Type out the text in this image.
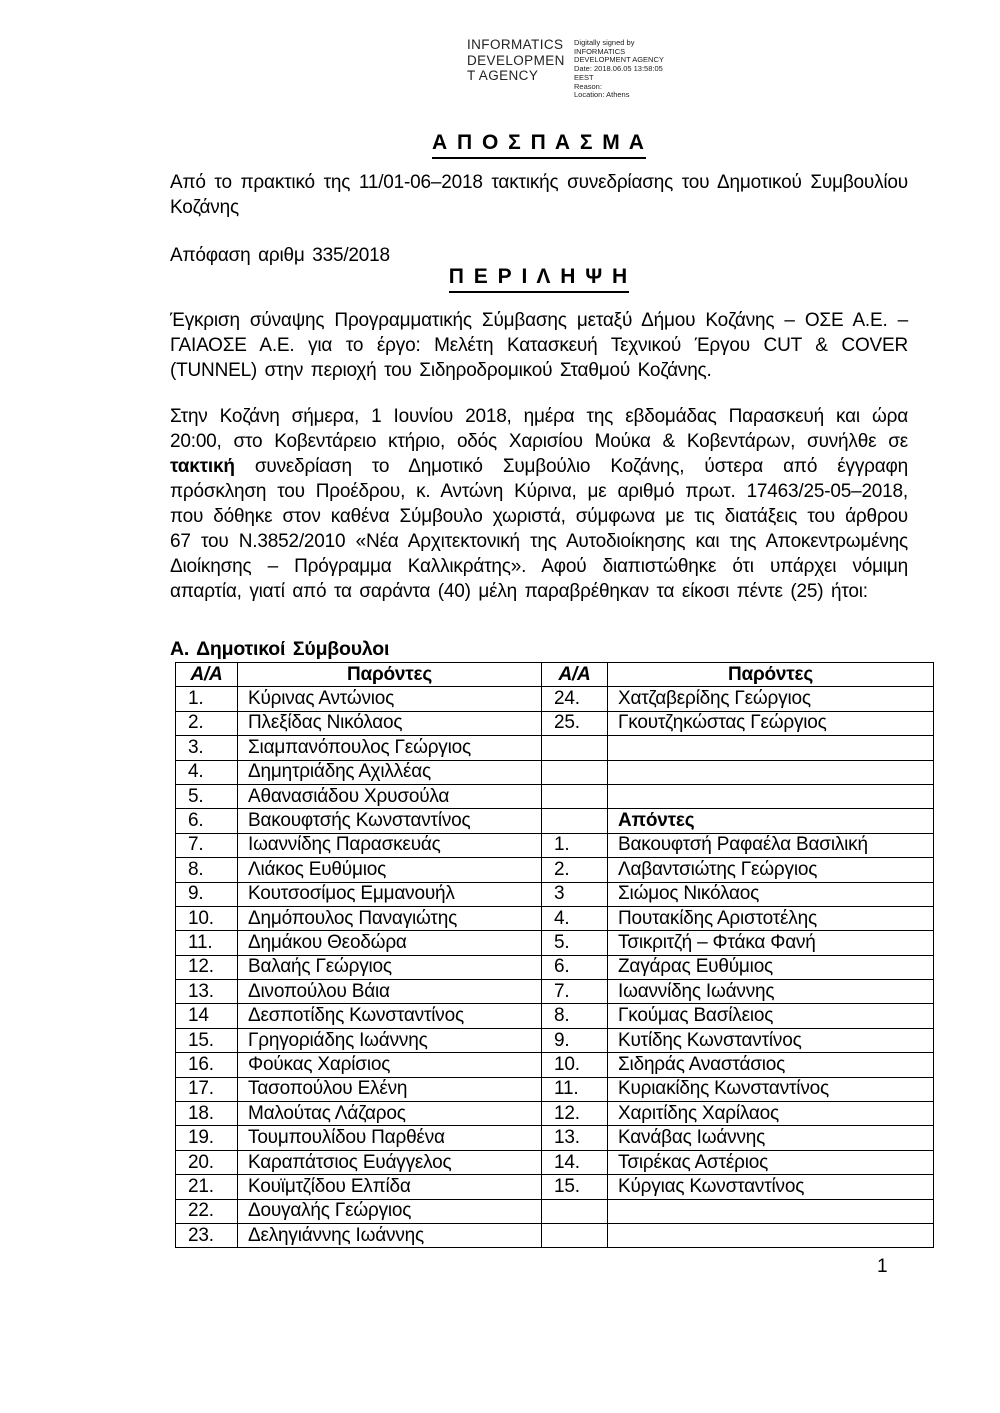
INFORMATICS
DEVELOPMEN
T AGENCY
Digitally signed by
INFORMATICS
DEVELOPMENT AGENCY
Date: 2018.06.05 13:58:05
EEST
Reason:
Location: Athens
Α Π Ο Σ Π Α Σ Μ Α
Από το πρακτικό της 11/01-06–2018 τακτικής συνεδρίασης του Δημοτικού Συμβουλίου Κοζάνης
Απόφαση αριθμ 335/2018
Π Ε Ρ Ι Λ Η Ψ Η
Έγκριση σύναψης Προγραμματικής Σύμβασης μεταξύ Δήμου Κοζάνης – ΟΣΕ Α.Ε. – ΓΑΙΑΟΣΕ Α.Ε. για το έργο: Μελέτη Κατασκευή Τεχνικού Έργου CUT & COVER (TUNNEL) στην περιοχή του Σιδηροδρομικού Σταθμού Κοζάνης.
Στην Κοζάνη σήμερα, 1 Ιουνίου 2018, ημέρα της εβδομάδας Παρασκευή και ώρα 20:00, στο Κοβεντάρειο κτήριο, οδός Χαρισίου Μούκα & Κοβεντάρων, συνήλθε σε τακτική συνεδρίαση το Δημοτικό Συμβούλιο Κοζάνης, ύστερα από έγγραφη πρόσκληση του Προέδρου, κ. Αντώνη Κύρινα, με αριθμό πρωτ. 17463/25-05–2018, που δόθηκε στον καθένα Σύμβουλο χωριστά, σύμφωνα με τις διατάξεις του άρθρου 67 του Ν.3852/2010 «Νέα Αρχιτεκτονική της Αυτοδιοίκησης και της Αποκεντρωμένης Διοίκησης – Πρόγραμμα Καλλικράτης». Αφού διαπιστώθηκε ότι υπάρχει νόμιμη απαρτία, γιατί από τα σαράντα (40) μέλη παραβρέθηκαν τα είκοσι πέντε (25) ήτοι:
Α. Δημοτικοί Σύμβουλοι
Α/Α	Παρόντες	Α/Α	Παρόντες
1.	Κύρινας Αντώνιος	24.	Χατζαβερίδης Γεώργιος
2.	Πλεξίδας Νικόλαος	25.	Γκουτζηκώστας Γεώργιος
3.	Σιαμπανόπουλος Γεώργιος		
4.	Δημητριάδης Αχιλλέας		
5.	Αθανασιάδου Χρυσούλα		
6.	Βακουφτσής Κωνσταντίνος		Απόντες
7.	Ιωαννίδης Παρασκευάς	1.	Βακουφτσή Ραφαέλα Βασιλική
8.	Λιάκος Ευθύμιος	2.	Λαβαντσιώτης Γεώργιος
9.	Κουτσοσίμος Εμμανουήλ	3	Σιώμος Νικόλαος
10.	Δημόπουλος Παναγιώτης	4.	Πουτακίδης Αριστοτέλης
11.	Δημάκου Θεοδώρα	5.	Τσικριτζή – Φτάκα Φανή
12.	Βαλαής Γεώργιος	6.	Ζαγάρας Ευθύμιος
13.	Δινοπούλου Βάια	7.	Ιωαννίδης Ιωάννης
14	Δεσποτίδης Κωνσταντίνος	8.	Γκούμας Βασίλειος
15.	Γρηγοριάδης Ιωάννης	9.	Κυτίδης Κωνσταντίνος
16.	Φούκας Χαρίσιος	10.	Σιδηράς Αναστάσιος
17.	Τασοπούλου Ελένη	11.	Κυριακίδης Κωνσταντίνος
18.	Μαλούτας Λάζαρος	12.	Χαριτίδης Χαρίλαος
19.	Τουμπουλίδου Παρθένα	13.	Κανάβας Ιωάννης
20.	Καραπάτσιος Ευάγγελος	14.	Τσιρέκας Αστέριος
21.	Κουϊμτζίδου Ελπίδα	15.	Κύργιας Κωνσταντίνος
22.	Δουγαλής Γεώργιος		
23.	Δεληγιάννης Ιωάννης		
1
